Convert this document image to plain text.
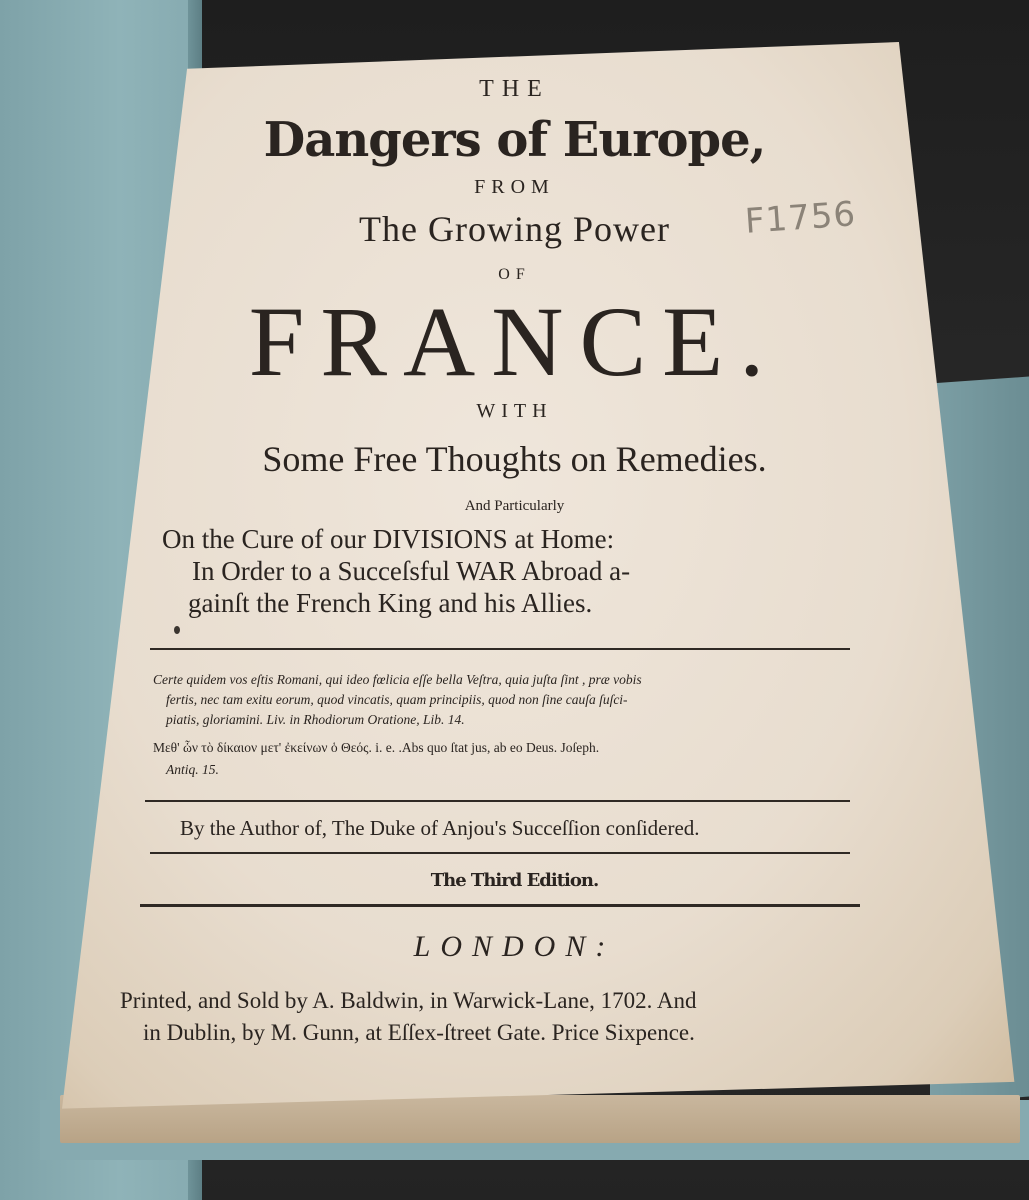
THE
Dangers of Europe,
FROM
The Growing Power
OF
FRANCE.
F1756
WITH
Some Free Thoughts on Remedies.
And Particularly
On the Cure of our DIVISIONS at Home:
In Order to a Succeſsful WAR Abroad a-
gainſt the French King and his Allies.
Certe quidem vos eſtis Romani, qui ideo fœlicia eſſe bella Veſtra, quia juſta ſint , præ vobis
fertis, nec tam exitu eorum, quod vincatis, quam principiis, quod non ſine cauſa ſuſci-
piatis, gloriamini. Liv. in Rhodiorum Oratione, Lib. 14.
Μεθ' ὧν τὸ δίκαιον μετ' ἐκείνων ὁ Θεός. i. e. .Abs quo ſtat jus, ab eo Deus. Joſeph.
Antiq. 15.
By the Author of, The Duke of Anjou's Succeſſion conſidered.
The Third Edition.
LONDON:
Printed, and Sold by A. Baldwin, in Warwick-Lane, 1702. And
in Dublin, by M. Gunn, at Eſſex-ſtreet Gate. Price Sixpence.
